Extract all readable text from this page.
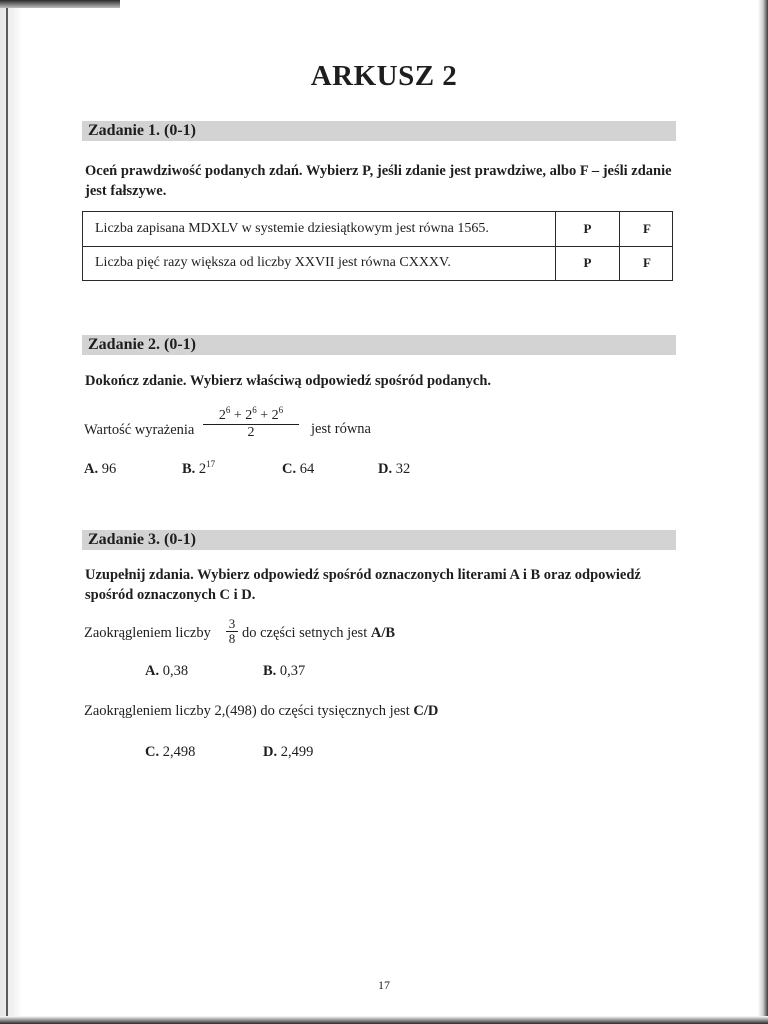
ARKUSZ 2
Zadanie 1. (0-1)
Oceń prawdziwość podanych zdań. Wybierz P, jeśli zdanie jest prawdziwe, albo F – jeśli zdanie jest fałszywe.
Liczba zapisana MDXLV w systemie dziesiątkowym jest równa 1565.	P	F
Liczba pięć razy większa od liczby XXVII jest równa CXXXV.	P	F
Zadanie 2. (0-1)
Dokończ zdanie. Wybierz właściwą odpowiedź spośród podanych.
Wartość wyrażenia
$2^6 + 2^6 + 2^6$
2	jest równa
A. 96	B. $2^{17}$	C. 64	D. 32
Zadanie 3. (0-1)
Uzupełnij zdania. Wybierz odpowiedź spośród oznaczonych literami A i B oraz odpowiedź spośród oznaczonych C i D.
Zaokrągleniem liczby
3
8 do części setnych jest A/B
A. 0,38	B. 0,37
Zaokrągleniem liczby 2,(498) do części tysięcznych jest C/D
C. 2,498	D. 2,499
17
